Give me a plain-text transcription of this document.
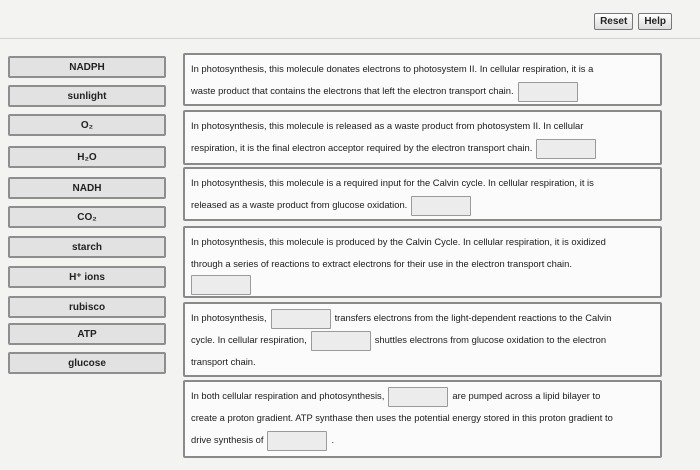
Reset	Help
NADPH
sunlight
O₂
H₂O
NADH
CO₂
starch
H⁺ ions
rubisco
ATP
glucose

In photosynthesis, this molecule donates electrons to photosystem II. In cellular respiration, it is a

waste product that contains the electrons that left the electron transport chain.

In photosynthesis, this molecule is released as a waste product from photosystem II. In cellular

respiration, it is the final electron acceptor required by the electron transport chain.

In photosynthesis, this molecule is a required input for the Calvin cycle. In cellular respiration, it is

released as a waste product from glucose oxidation.

In photosynthesis, this molecule is produced by the Calvin Cycle. In cellular respiration, it is oxidized

through a series of reactions to extract electrons for their use in the electron transport chain.

In photosynthesis,	transfers electrons from the light-dependent reactions to the Calvin

cycle. In cellular respiration,	shuttles electrons from glucose oxidation to the electron

transport chain.

In both cellular respiration and photosynthesis,	are pumped across a lipid bilayer to

create a proton gradient. ATP synthase then uses the potential energy stored in this proton gradient to

drive synthesis of	.
